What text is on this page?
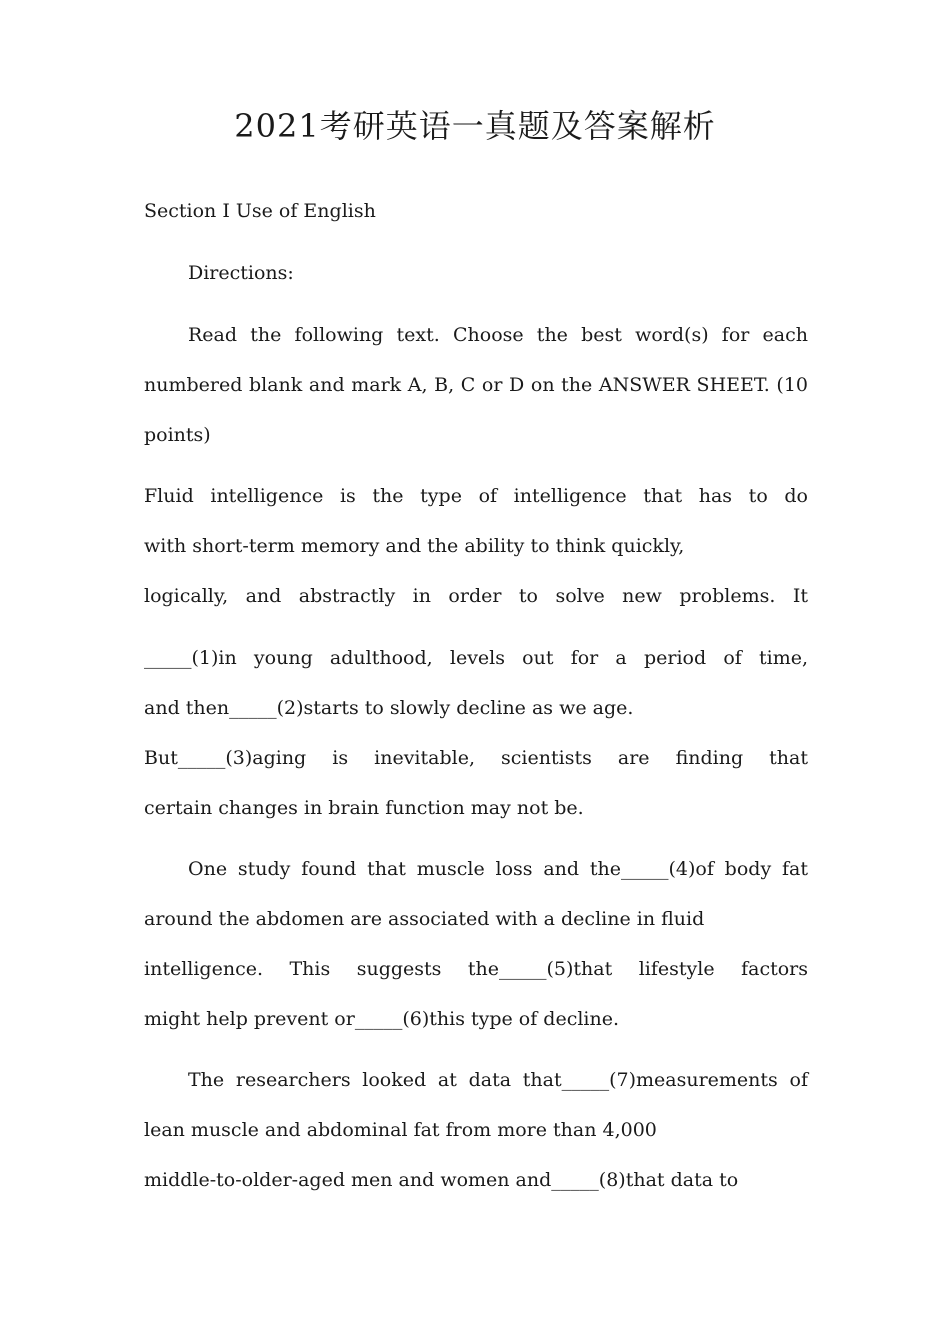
2021考研英语一真题及答案解析
Section I Use of English
Directions:
Read the following text. Choose the best word(s) for each
numbered blank and mark A, B, C or D on the ANSWER SHEET. (10
points)
Fluid intelligence is the type of intelligence that has to do
with short-term memory and the ability to think quickly,
logically, and abstractly in order to solve new problems. It
_____(1)in young adulthood, levels out for a period of time,
and then_____(2)starts to slowly decline as we age.
But_____(3)aging is inevitable, scientists are finding that
certain changes in brain function may not be.
One study found that muscle loss and the_____(4)of body fat
around the abdomen are associated with a decline in fluid
intelligence. This suggests the_____(5)that lifestyle factors
might help prevent or_____(6)this type of decline.
The researchers looked at data that_____(7)measurements of
lean muscle and abdominal fat from more than 4,000
middle-to-older-aged men and women and_____(8)that data to
